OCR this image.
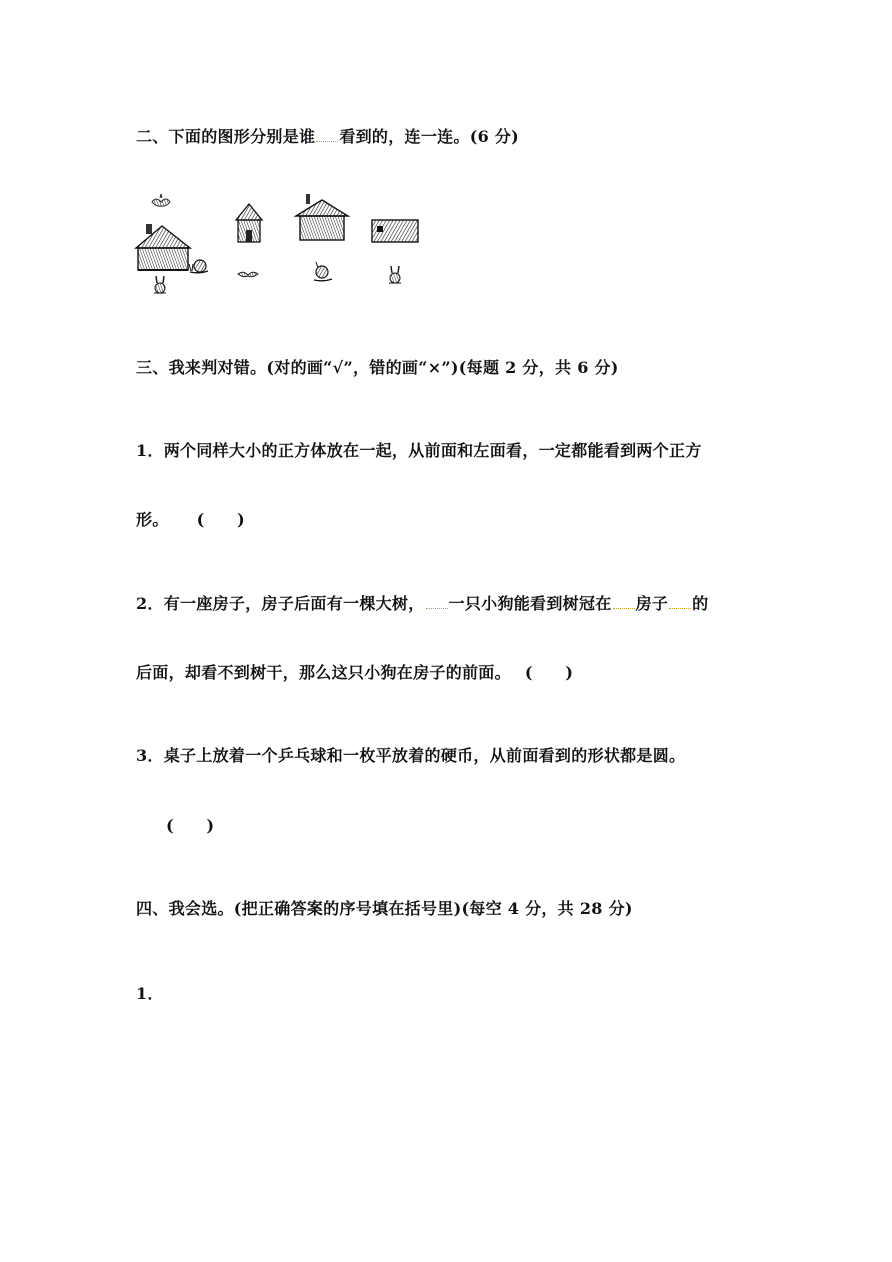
二、下面的图形分别是谁 看到的，连一连。(6 分)
三、我来判对错。(对的画“√”，错的画“×”)(每题 2 分，共 6 分)
1．两个同样大小的正方体放在一起，从前面和左面看，一定都能看到两个正方
形。 (　　)
2．有一座房子，房子后面有一棵大树， 一只小狗能看到树冠在 房子 的
后面，却看不到树干，那么这只小狗在房子的前面。 (　　)
3．桌子上放着一个乒乓球和一枚平放着的硬币，从前面看到的形状都是圆。
(　　)
四、我会选。(把正确答案的序号填在括号里)(每空 4 分，共 28 分)
1．
